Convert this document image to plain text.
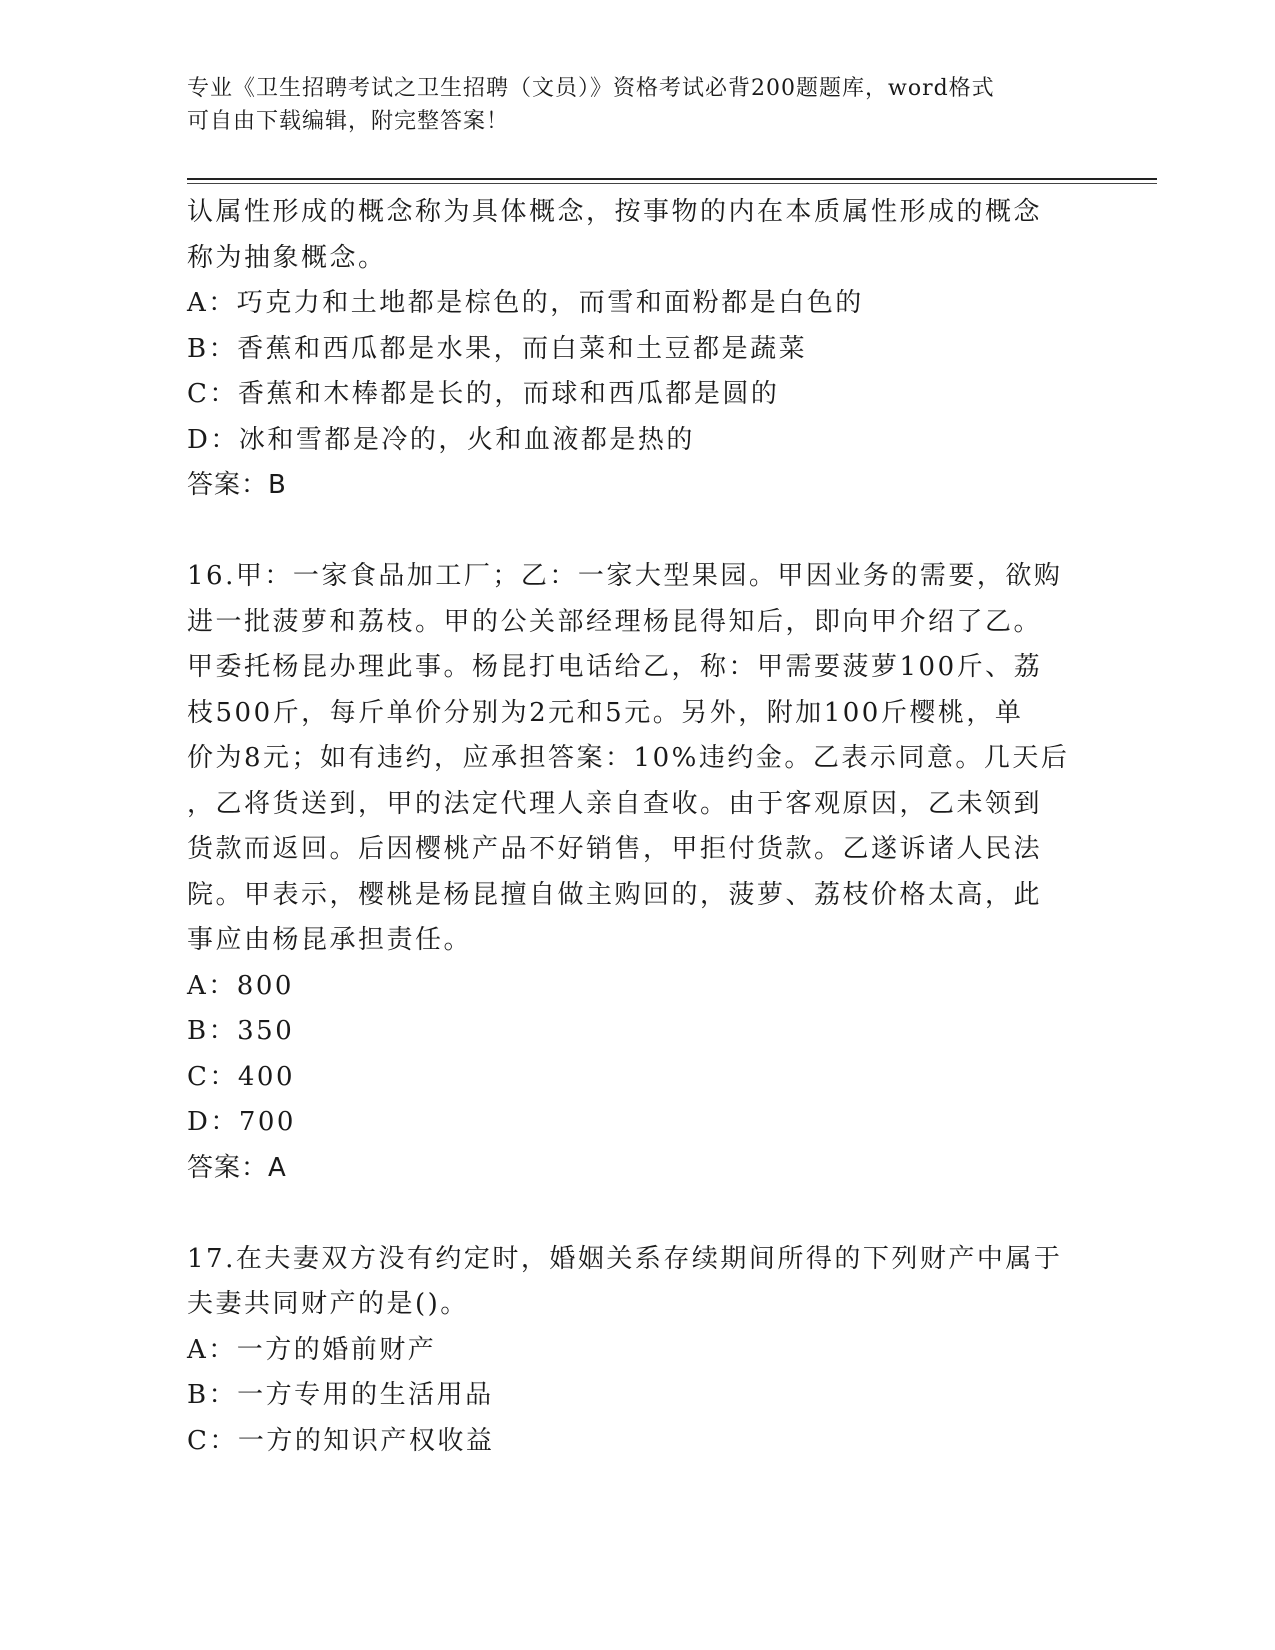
专业《卫生招聘考试之卫生招聘（文员）》资格考试必背200题题库，word格式
可自由下载编辑，附完整答案！
认属性形成的概念称为具体概念，按事物的内在本质属性形成的概念
称为抽象概念。
A：巧克力和土地都是棕色的，而雪和面粉都是白色的
B：香蕉和西瓜都是水果，而白菜和土豆都是蔬菜
C：香蕉和木棒都是长的，而球和西瓜都是圆的
D：冰和雪都是冷的，火和血液都是热的
答案：B
16.甲：一家食品加工厂；乙：一家大型果园。甲因业务的需要，欲购
进一批菠萝和荔枝。甲的公关部经理杨昆得知后，即向甲介绍了乙。
甲委托杨昆办理此事。杨昆打电话给乙，称：甲需要菠萝100斤、荔
枝500斤，每斤单价分别为2元和5元。另外，附加100斤樱桃，单
价为8元；如有违约，应承担答案：10%违约金。乙表示同意。几天后
，乙将货送到，甲的法定代理人亲自查收。由于客观原因，乙未领到
货款而返回。后因樱桃产品不好销售，甲拒付货款。乙遂诉诸人民法
院。甲表示，樱桃是杨昆擅自做主购回的，菠萝、荔枝价格太高，此
事应由杨昆承担责任。
A：800
B：350
C：400
D：700
答案：A
17.在夫妻双方没有约定时，婚姻关系存续期间所得的下列财产中属于
夫妻共同财产的是()。
A：一方的婚前财产
B：一方专用的生活用品
C：一方的知识产权收益
